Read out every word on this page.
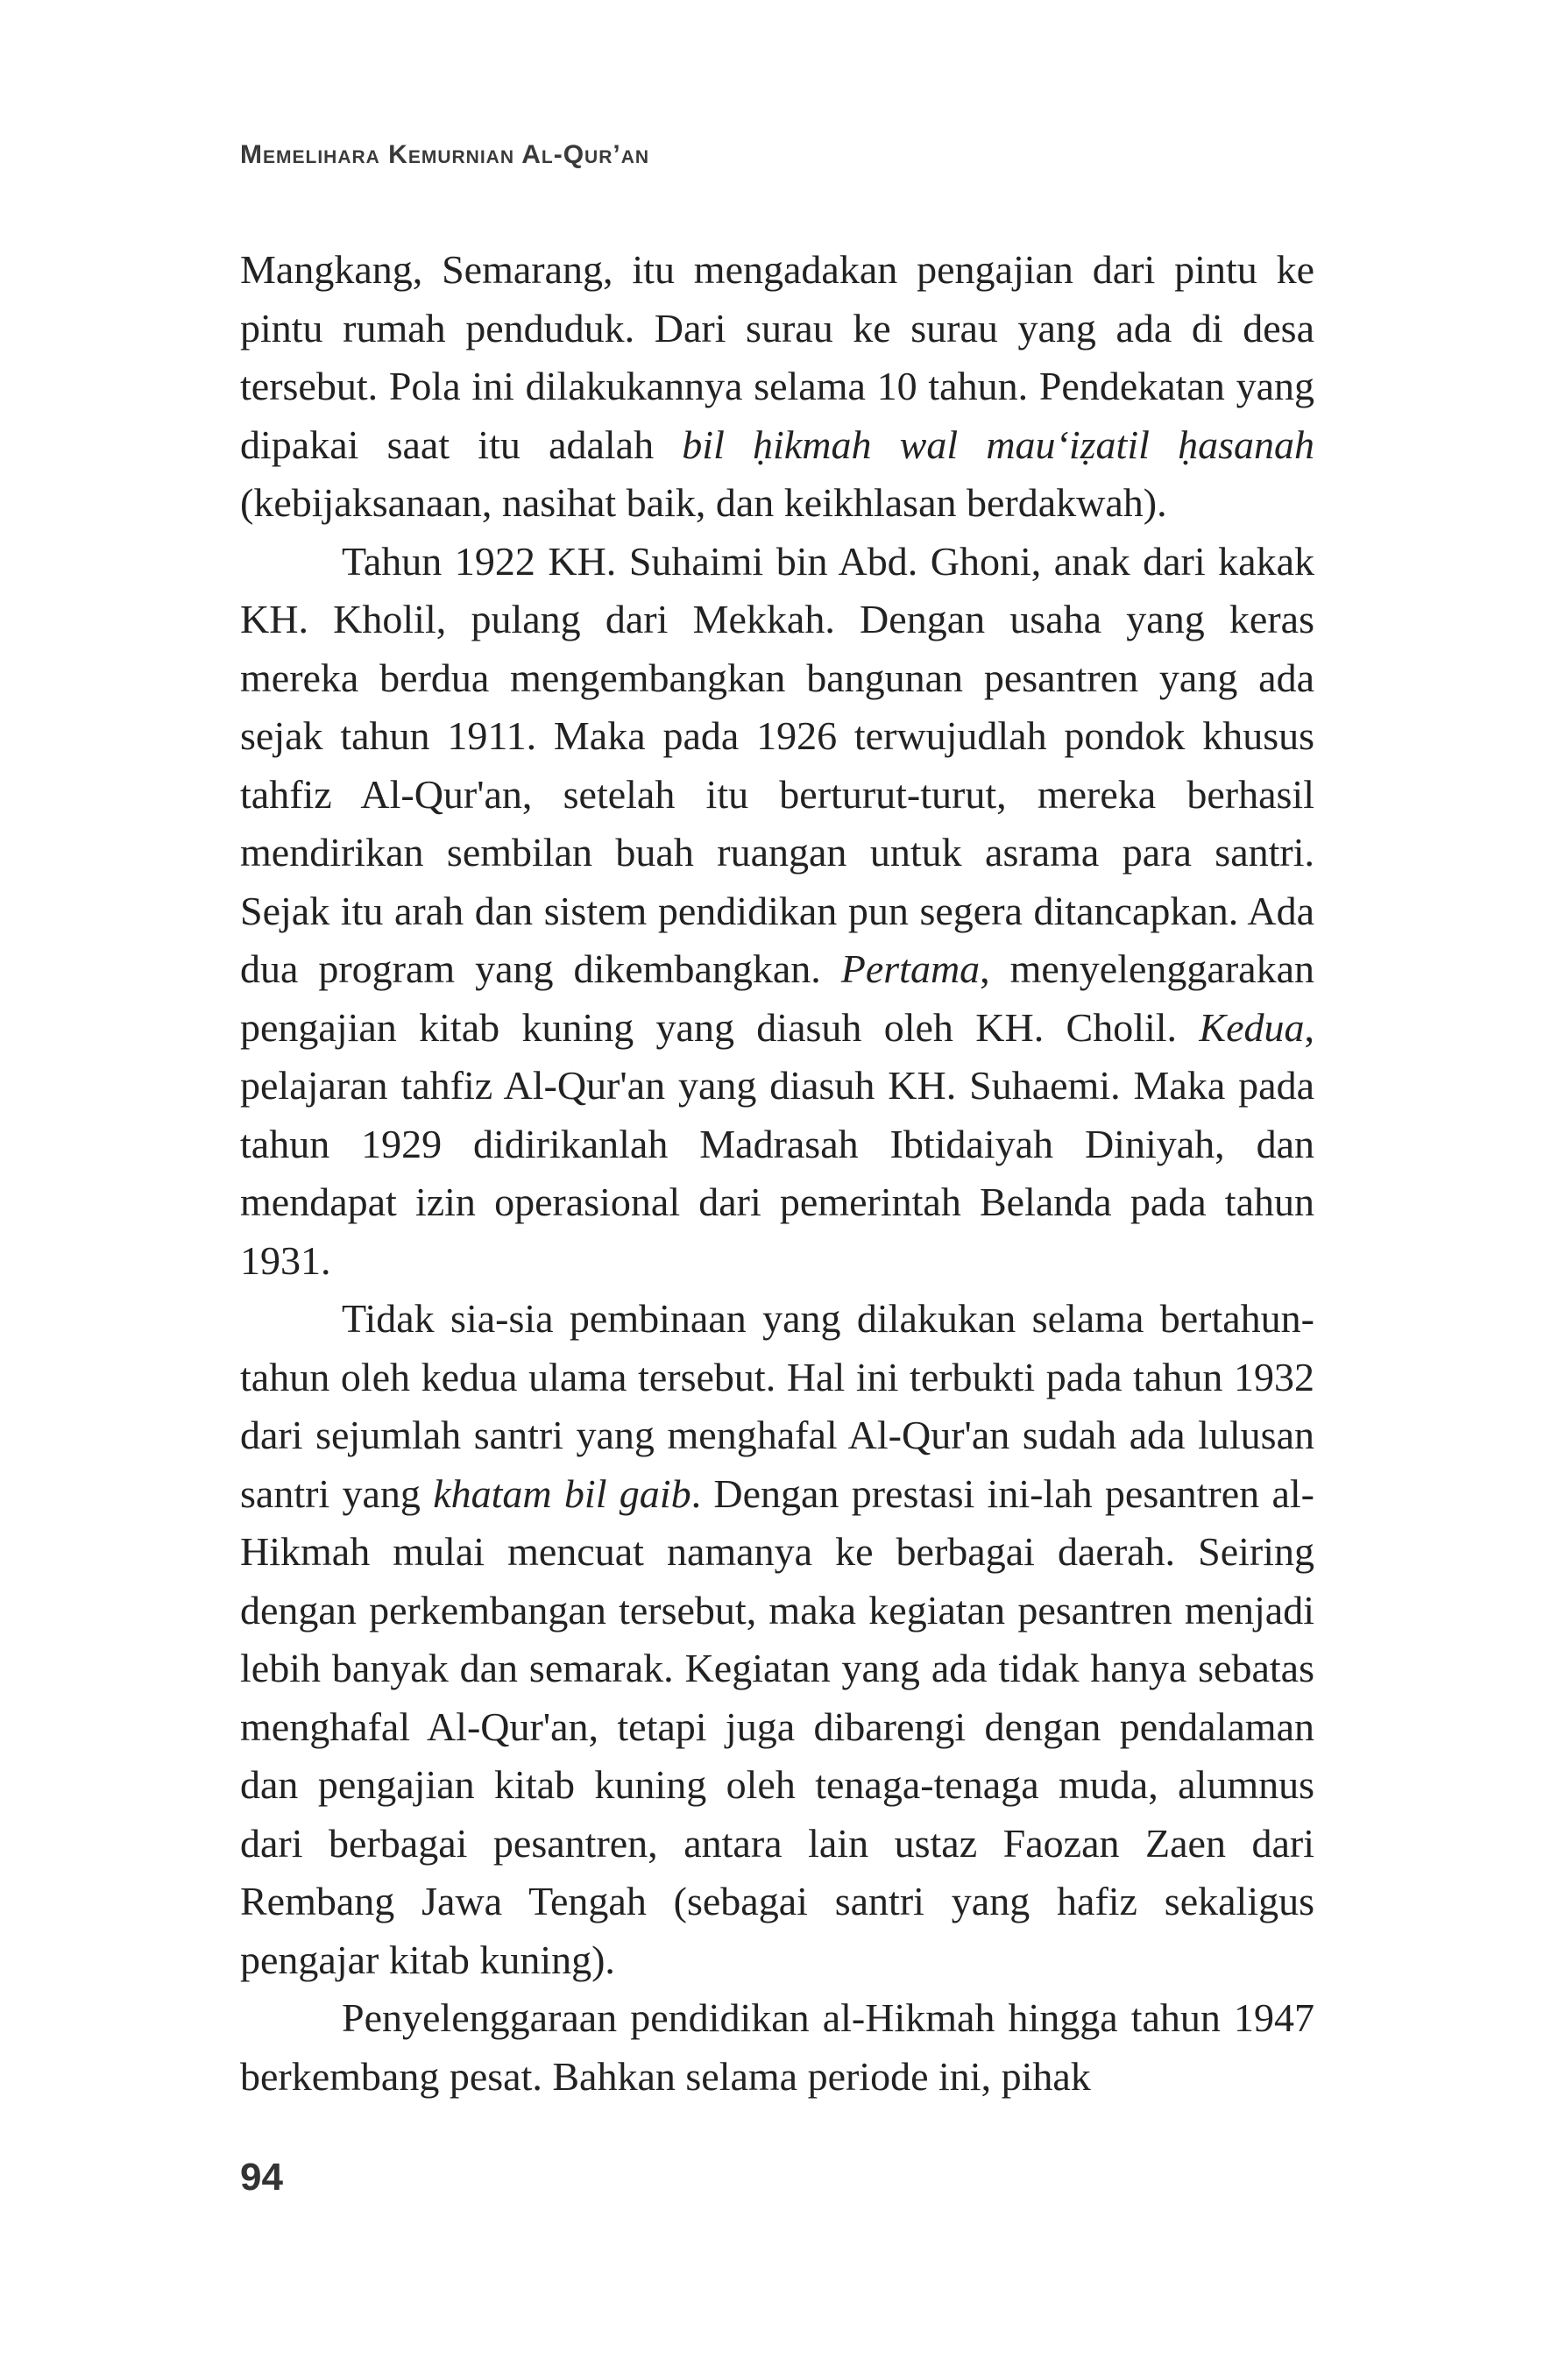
Memelihara Kemurnian Al-Qur’an

Mangkang, Semarang, itu mengadakan pengajian dari pintu ke pintu rumah penduduk. Dari surau ke surau yang ada di desa tersebut. Pola ini dilakukannya selama 10 tahun. Pendekatan yang dipakai saat itu adalah bil ḥikmah wal mau‘iẓatil ḥasanah (kebijaksanaan, nasihat baik, dan keikhlasan berdakwah).

Tahun 1922 KH. Suhaimi bin Abd. Ghoni, anak dari kakak KH. Kholil, pulang dari Mekkah. Dengan usaha yang keras mereka berdua mengembangkan bangunan pesantren yang ada sejak tahun 1911. Maka pada 1926 terwujudlah pondok khusus tahfiz Al-Qur'an, setelah itu berturut-turut, mereka berhasil mendirikan sembilan buah ruangan untuk asrama para santri. Sejak itu arah dan sistem pendidikan pun segera ditancapkan. Ada dua program yang dikembangkan. Pertama, menyelenggarakan pengajian kitab kuning yang diasuh oleh KH. Cholil. Kedua, pelajaran tahfiz Al-Qur'an yang diasuh KH. Suhaemi. Maka pada tahun 1929 didirikanlah Madrasah Ibtidaiyah Diniyah, dan mendapat izin operasional dari pemerintah Belanda pada tahun 1931.

Tidak sia-sia pembinaan yang dilakukan selama bertahun-tahun oleh kedua ulama tersebut. Hal ini terbukti pada tahun 1932 dari sejumlah santri yang menghafal Al-Qur'an sudah ada lulusan santri yang khatam bil gaib. Dengan prestasi ini-lah pesantren al-Hikmah mulai mencuat namanya ke berbagai daerah. Seiring dengan perkembangan tersebut, maka kegiatan pesantren menjadi lebih banyak dan semarak. Kegiatan yang ada tidak hanya sebatas menghafal Al-Qur'an, tetapi juga dibarengi dengan pendalaman dan pengajian kitab kuning oleh tenaga-tenaga muda, alumnus dari berbagai pesantren, antara lain ustaz Faozan Zaen dari Rembang Jawa Tengah (sebagai santri yang hafiz sekaligus pengajar kitab kuning).

Penyelenggaraan pendidikan al-Hikmah hingga tahun 1947 berkembang pesat. Bahkan selama periode ini, pihak

94
